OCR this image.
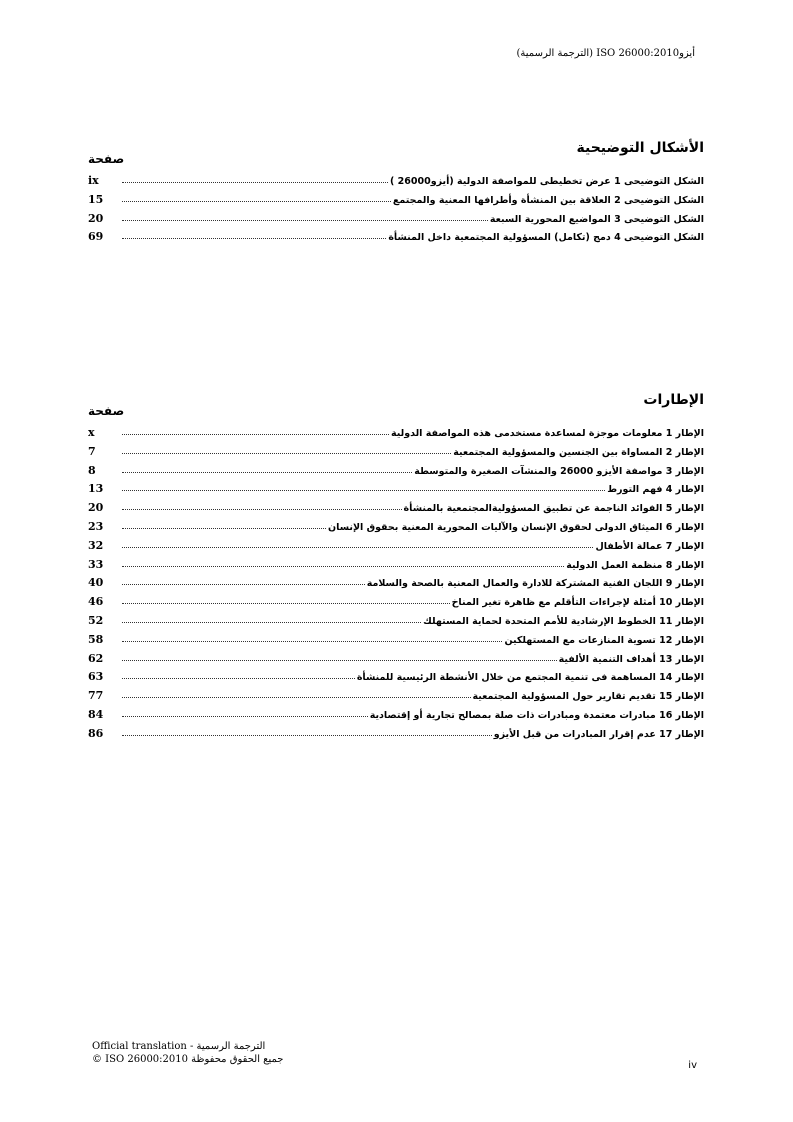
أيزو26000:2010 ISO (الترجمة الرسمية)
الأشكال التوضيحية
صفحة
الشكل التوضيحى 1 عرض تخطيطى للمواصفة الدولية (أيزو26000 )
ix
الشكل التوضيحى 2 العلاقة بين المنشأة وأطرافها المعنية والمجتمع
15
الشكل التوضيحى 3 المواضيع المحورية السبعة
20
الشكل التوضيحى 4 دمج (تكامل) المسؤولية المجتمعية داخل المنشأة
69
الإطارات
صفحة
الإطار 1 معلومات موجزة لمساعدة مستخدمى هذه المواصفة الدولية
x
الإطار 2 المساواة بين الجنسين والمسؤولية المجتمعية
7
الإطار 3 مواصفة الأيزو 26000 والمنشآت الصغيرة والمتوسطة
8
الإطار 4 فهم التورط
13
الإطار 5 الفوائد الناجمة عن تطبيق المسؤوليةالمجتمعية بالمنشأة
20
الإطار 6 الميثاق الدولى لحقوق الإنسان والآليات المحورية المعنية بحقوق الإنسان
23
الإطار 7 عمالة الأطفال
32
الإطار 8 منظمة العمل الدولية
33
الإطار 9 اللجان الفنية المشتركة للادارة والعمال المعنية بالصحة والسلامة
40
الإطار 10 أمثلة لإجراءات التأقلم مع ظاهرة تغير المناخ
46
الإطار 11 الخطوط الإرشادية للأمم المتحدة لحماية المستهلك
52
الإطار 12 تسوية المنازعات مع المستهلكين
58
الإطار 13 أهداف التنمية الألفية
62
الإطار 14 المساهمة فى تنمية المجتمع من خلال الأنشطة الرئيسية للمنشأة
63
الإطار 15 تقديم تقارير حول المسؤولية المجتمعية
77
الإطار 16 مبادرات معتمدة ومبادرات ذات صلة بمصالح تجارية أو إقتصادية
84
الإطار 17 عدم إقرار المبادرات من قبل الأيزو
86
Official translation - الترجمة الرسمية
© ISO 26000:2010 جميع الحقوق محفوظة
iv
